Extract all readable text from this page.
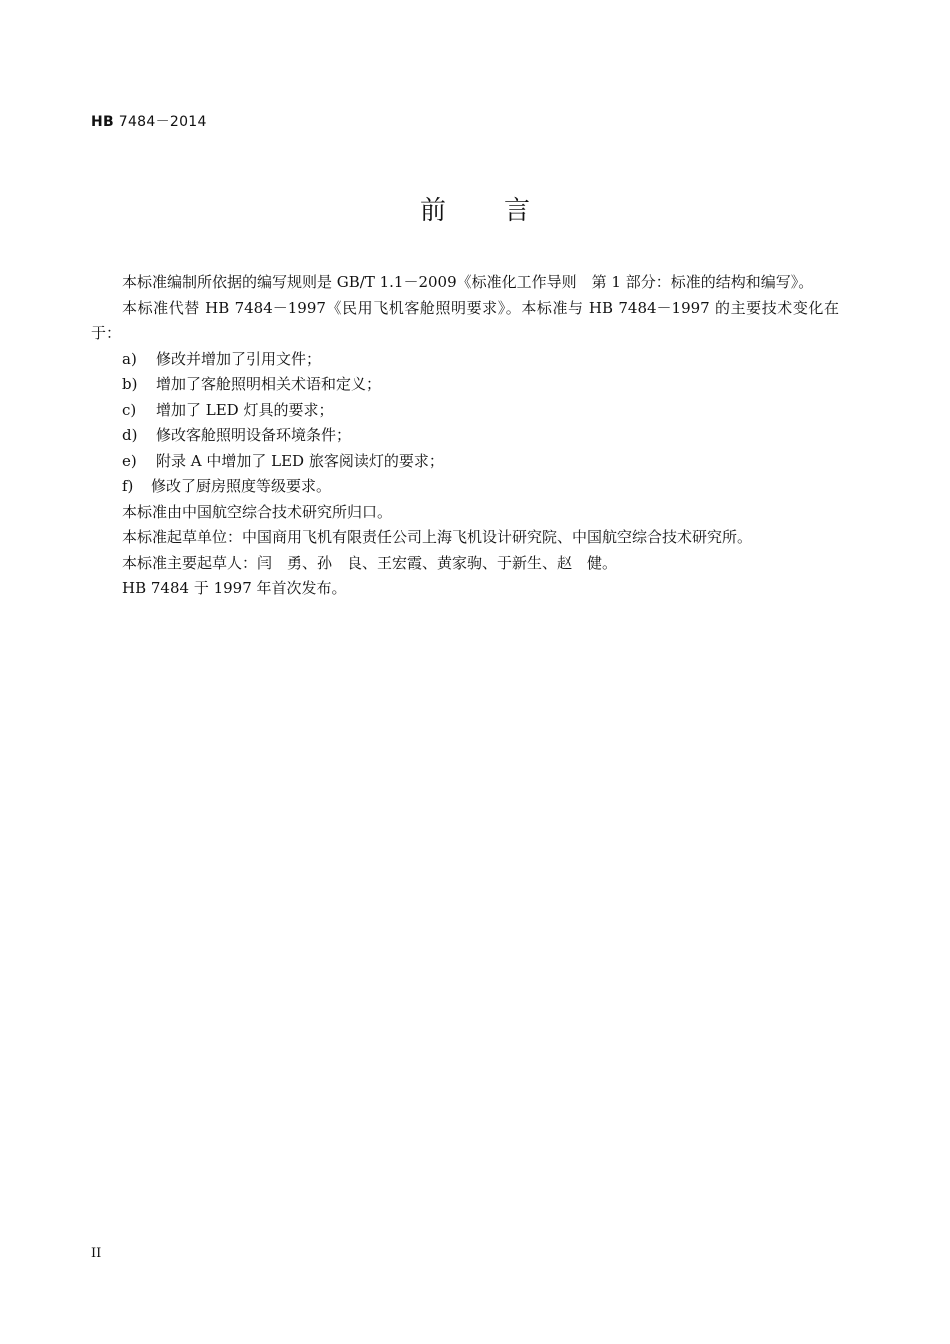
HB 7484－2014
前 言

本标准编制所依据的编写规则是 GB/T 1.1－2009《标准化工作导则　第 1 部分：标准的结构和编写》。

本标准代替 HB 7484－1997《民用飞机客舱照明要求》。本标准与 HB 7484－1997 的主要技术变化在于：

a) 修改并增加了引用文件；

b) 增加了客舱照明相关术语和定义；

c) 增加了 LED 灯具的要求；

d) 修改客舱照明设备环境条件；

e) 附录 A 中增加了 LED 旅客阅读灯的要求；

f) 修改了厨房照度等级要求。

本标准由中国航空综合技术研究所归口。

本标准起草单位：中国商用飞机有限责任公司上海飞机设计研究院、中国航空综合技术研究所。

本标准主要起草人：闫　勇、孙　良、王宏霞、黄家驹、于新生、赵　健。

HB 7484 于 1997 年首次发布。

II
